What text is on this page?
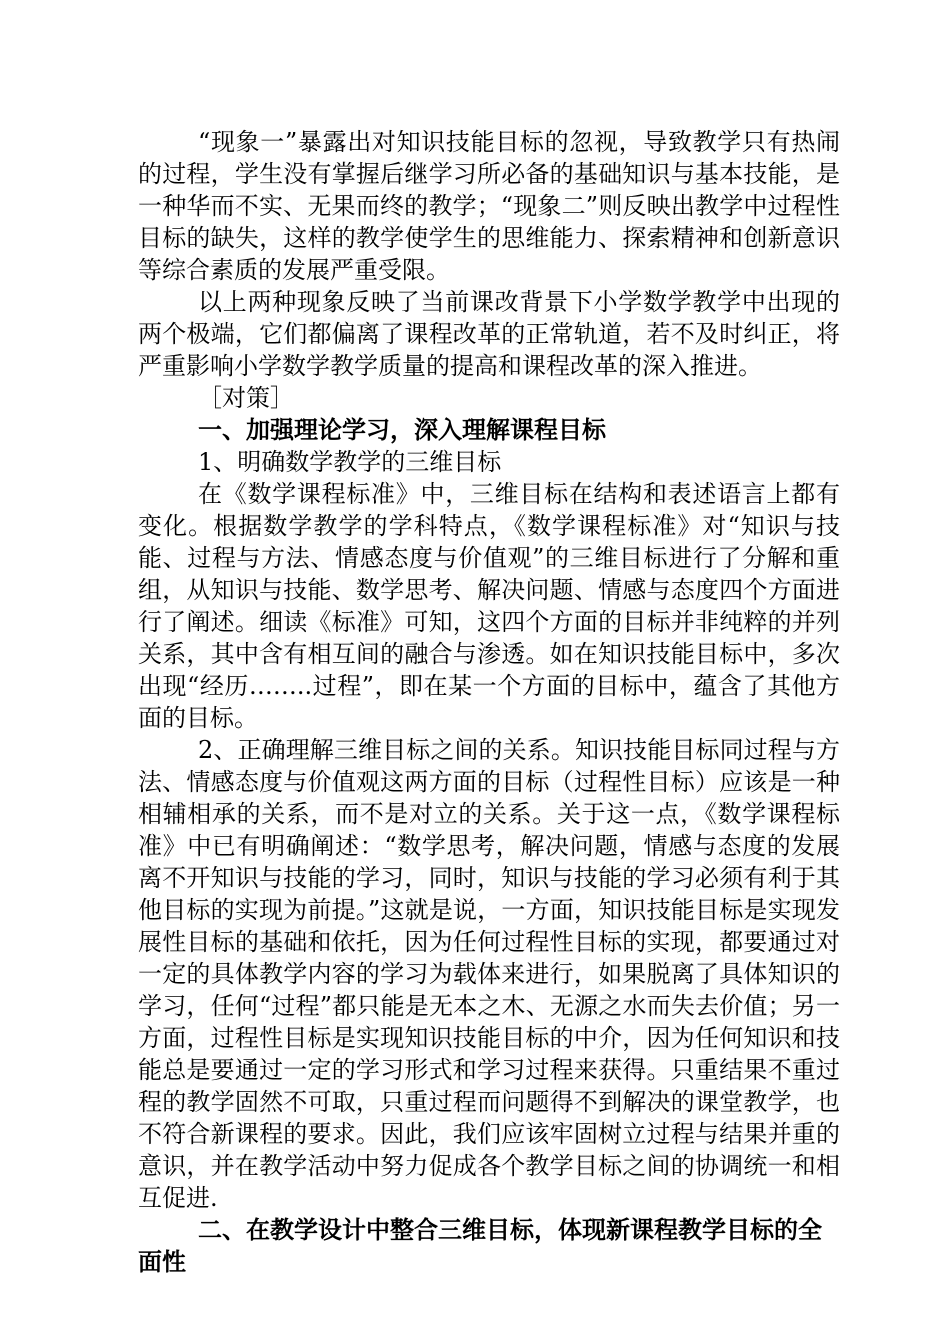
“现象一”暴露出对知识技能目标的忽视，导致教学只有热闹的过程，学生没有掌握后继学习所必备的基础知识与基本技能，是一种华而不实、无果而终的教学；“现象二”则反映出教学中过程性目标的缺失，这样的教学使学生的思维能力、探索精神和创新意识等综合素质的发展严重受限。

以上两种现象反映了当前课改背景下小学数学教学中出现的两个极端，它们都偏离了课程改革的正常轨道，若不及时纠正，将严重影响小学数学教学质量的提高和课程改革的深入推进。

［对策］

一、加强理论学习，深入理解课程目标

1、明确数学教学的三维目标

在《数学课程标准》中，三维目标在结构和表述语言上都有变化。根据数学教学的学科特点，《数学课程标准》对“知识与技能、过程与方法、情感态度与价值观”的三维目标进行了分解和重组，从知识与技能、数学思考、解决问题、情感与态度四个方面进行了阐述。细读《标准》可知，这四个方面的目标并非纯粹的并列关系，其中含有相互间的融合与渗透。如在知识技能目标中，多次出现“经历……..过程”，即在某一个方面的目标中，蕴含了其他方面的目标。

2、正确理解三维目标之间的关系。知识技能目标同过程与方法、情感态度与价值观这两方面的目标（过程性目标）应该是一种相辅相承的关系，而不是对立的关系。关于这一点，《数学课程标准》中已有明确阐述：“数学思考，解决问题，情感与态度的发展离不开知识与技能的学习，同时，知识与技能的学习必须有利于其他目标的实现为前提。”这就是说，一方面，知识技能目标是实现发展性目标的基础和依托，因为任何过程性目标的实现，都要通过对一定的具体教学内容的学习为载体来进行，如果脱离了具体知识的学习，任何“过程”都只能是无本之木、无源之水而失去价值；另一方面，过程性目标是实现知识技能目标的中介，因为任何知识和技能总是要通过一定的学习形式和学习过程来获得。只重结果不重过程的教学固然不可取，只重过程而问题得不到解决的课堂教学，也不符合新课程的要求。因此，我们应该牢固树立过程与结果并重的意识，并在教学活动中努力促成各个教学目标之间的协调统一和相互促进.

二、在教学设计中整合三维目标，体现新课程教学目标的全面性
